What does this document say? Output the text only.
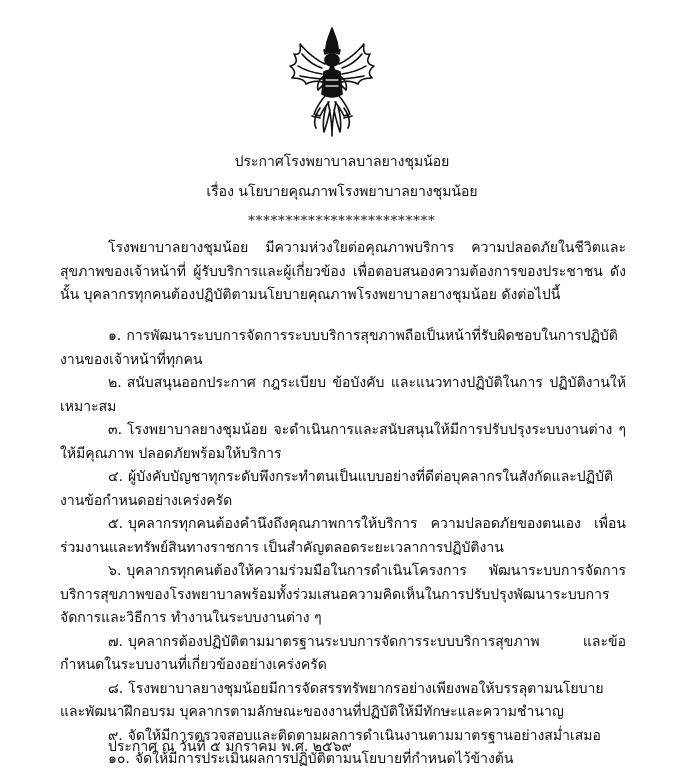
ประกาศโรงพยาบาลบาลยางชุมน้อย
เรื่อง นโยบายคุณภาพโรงพยาบาลยางชุมน้อย
*************************
โรงพยาบาลยางชุมน้อย มีความห่วงใยต่อคุณภาพบริการ ความปลอดภัยในชีวิตและสุขภาพของเจ้าหน้าที่ ผู้รับบริการและผู้เกี่ยวข้อง เพื่อตอบสนองความต้องการของประชาชน ดังนั้น บุคลากรทุกคนต้องปฏิบัติตามนโยบายคุณภาพโรงพยาบาลยางชุมน้อย ดังต่อไปนี้
๑. การพัฒนาระบบการจัดการระบบบริการสุขภาพถือเป็นหน้าที่รับผิดชอบในการปฏิบัติงานของเจ้าหน้าที่ทุกคน
๒. สนับสนุนออกประกาศ กฎระเบียบ ข้อบังคับ และแนวทางปฏิบัติในการ ปฏิบัติงานให้เหมาะสม
๓. โรงพยาบาลยางชุมน้อย จะดำเนินการและสนับสนุนให้มีการปรับปรุงระบบงานต่าง ๆ ให้มีคุณภาพ ปลอดภัยพร้อมให้บริการ
๔. ผู้บังคับบัญชาทุกระดับพึงกระทำตนเป็นแบบอย่างที่ดีต่อบุคลากรในสังกัดและปฏิบัติงานข้อกำหนดอย่างเคร่งครัด
๕. บุคลากรทุกคนต้องคำนึงถึงคุณภาพการให้บริการ ความปลอดภัยของตนเอง เพื่อนร่วมงานและทรัพย์สินทางราชการ เป็นสำคัญตลอดระยะเวลาการปฏิบัติงาน
๖. บุคลากรทุกคนต้องให้ความร่วมมือในการดำเนินโครงการ พัฒนาระบบการจัดการบริการสุขภาพของโรงพยาบาลพร้อมทั้งร่วมเสนอความคิดเห็นในการปรับปรุงพัฒนาระบบการจัดการและวิธีการ ทำงานในระบบงานต่าง ๆ
๗. บุคลากรต้องปฏิบัติตามมาตรฐานระบบการจัดการระบบบริการสุขภาพ และข้อกำหนดในระบบงานที่เกี่ยวข้องอย่างเคร่งครัด
๘. โรงพยาบาลยางชุมน้อยมีการจัดสรรทรัพยากรอย่างเพียงพอให้บรรลุตามนโยบายและพัฒนาฝึกอบรม บุคลากรตามลักษณะของงานที่ปฏิบัติให้มีทักษะและความชำนาญ
๙. จัดให้มีการตรวจสอบและติดตามผลการดำเนินงานตามมาตรฐานอย่างสม่ำเสมอ
๑๐. จัดให้มีการประเมินผลการปฏิบัติตามนโยบายที่กำหนดไว้ข้างต้น
ประกาศ ณ วันที่ ๕ มกราคม พ.ศ. ๒๕๖๙
